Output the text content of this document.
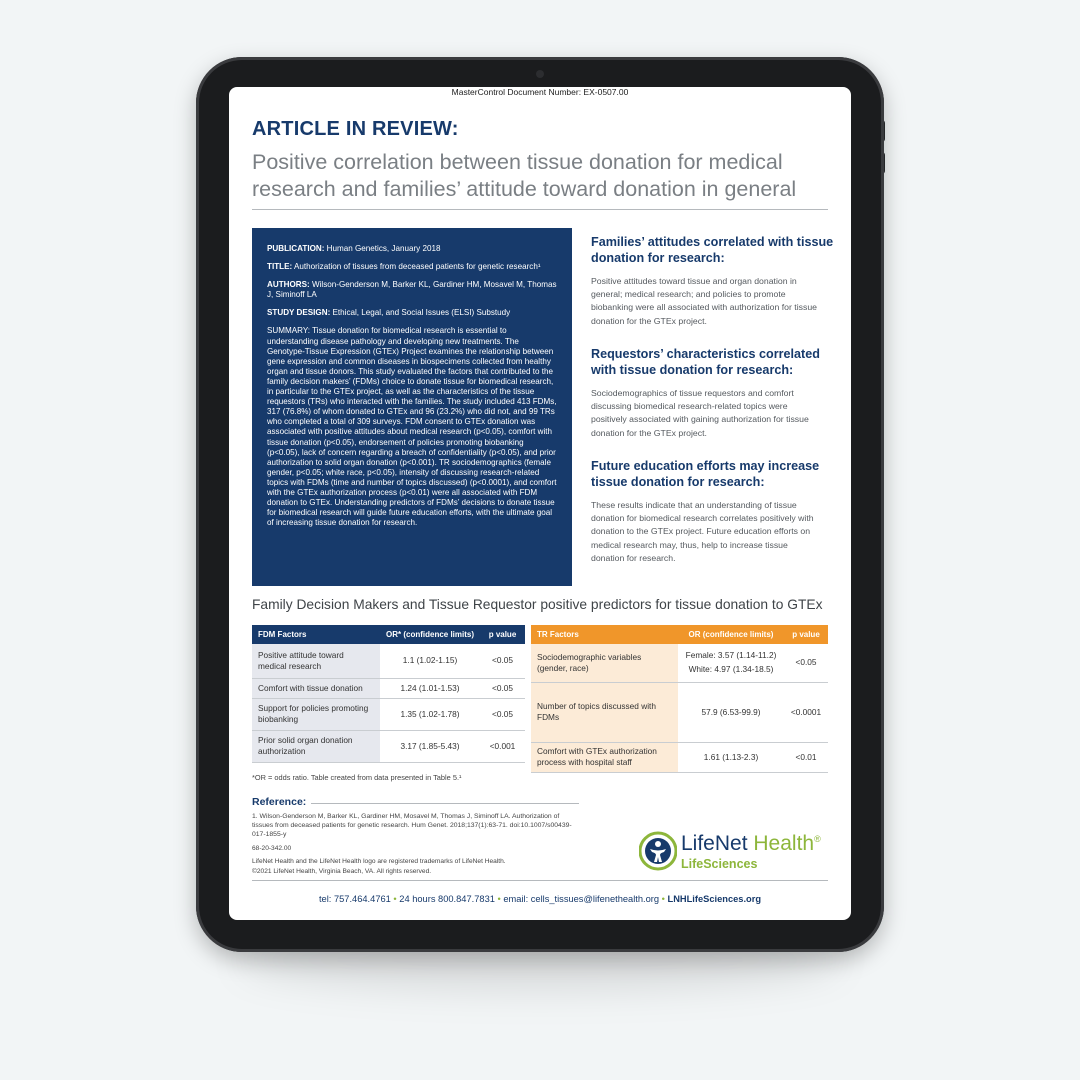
MasterControl Document Number: EX-0507.00
ARTICLE IN REVIEW:
Positive correlation between tissue donation for medical
research and families’ attitude toward donation in general

PUBLICATION: Human Genetics, January 2018

TITLE: Authorization of tissues from deceased patients for genetic research¹

AUTHORS: Wilson-Genderson M, Barker KL, Gardiner HM, Mosavel M, Thomas J, Siminoff LA

STUDY DESIGN: Ethical, Legal, and Social Issues (ELSI) Substudy

SUMMARY: Tissue donation for biomedical research is essential to understanding disease pathology and developing new treatments. The Genotype-Tissue Expression (GTEx) Project examines the relationship between gene expression and common diseases in biospecimens collected from healthy organ and tissue donors. This study evaluated the factors that contributed to the family decision makers’ (FDMs) choice to donate tissue for biomedical research, in particular to the GTEx project, as well as the characteristics of the tissue requestors (TRs) who interacted with the families. The study included 413 FDMs, 317 (76.8%) of whom donated to GTEx and 96 (23.2%) who did not, and 99 TRs who completed a total of 309 surveys. FDM consent to GTEx donation was associated with positive attitudes about medical research (p<0.05), comfort with tissue donation (p<0.05), endorsement of policies promoting biobanking (p<0.05), lack of concern regarding a breach of confidentiality (p<0.05), and prior authorization to solid organ donation (p<0.001). TR sociodemographics (female gender, p<0.05; white race, p<0.05), intensity of discussing research-related topics with FDMs (time and number of topics discussed) (p<0.0001), and comfort with the GTEx authorization process (p<0.01) were all associated with FDM donation to GTEx. Understanding predictors of FDMs’ decisions to donate tissue for biomedical research will guide future education efforts, with the ultimate goal of increasing tissue donation for research.

Families’ attitudes correlated with tissue donation for research:
Positive attitudes toward tissue and organ donation in general; medical research; and policies to promote biobanking were all associated with authorization for tissue donation for the GTEx project.
Requestors’ characteristics correlated with tissue donation for research:
Sociodemographics of tissue requestors and comfort discussing biomedical research-related topics were positively associated with gaining authorization for tissue donation for the GTEx project.
Future education efforts may increase tissue donation for research:
These results indicate that an understanding of tissue donation for biomedical research correlates positively with donation to the GTEx project. Future education efforts on medical research may, thus, help to increase tissue donation for research.
Family Decision Makers and Tissue Requestor positive predictors for tissue donation to GTEx
FDM Factors	OR* (confidence limits)	p value
Positive attitude toward medical research	1.1 (1.02-1.15)	<0.05
Comfort with tissue donation	1.24 (1.01-1.53)	<0.05
Support for policies promoting biobanking	1.35 (1.02-1.78)	<0.05
Prior solid organ donation authorization	3.17 (1.85-5.43)	<0.001
TR Factors	OR (confidence limits)	p value
Sociodemographic variables (gender, race)	Female: 3.57 (1.14-11.2)
White: 4.97 (1.34-18.5)	<0.05
Number of topics discussed with FDMs	57.9 (6.53-99.9)	<0.0001
Comfort with GTEx authorization process with hospital staff	1.61 (1.13-2.3)	<0.01
*OR = odds ratio. Table created from data presented in Table 5.¹
Reference:
1. Wilson-Genderson M, Barker KL, Gardiner HM, Mosavel M, Thomas J, Siminoff LA. Authorization of tissues from deceased patients for genetic research. Hum Genet. 2018;137(1):63-71. doi:10.1007/s00439-017-1855-y
68-20-342.00
LifeNet Health and the LifeNet Health logo are registered trademarks of LifeNet Health.
©2021 LifeNet Health, Virginia Beach, VA. All rights reserved.
LifeNet Health®
LifeSciences
tel: 757.464.4761 • 24 hours 800.847.7831 • email: cells_tissues@lifenethealth.org • LNHLifeSciences.org
